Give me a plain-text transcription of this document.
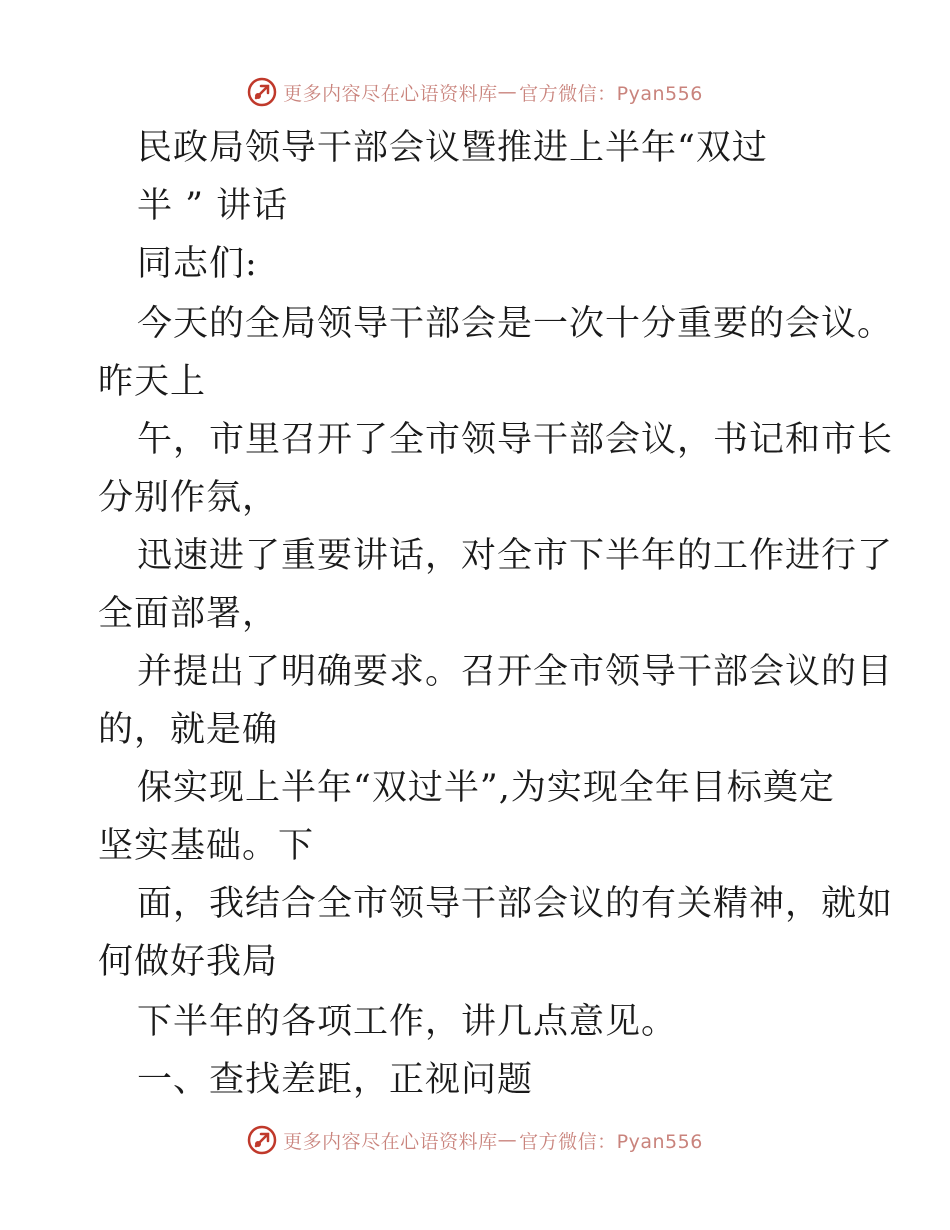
更多内容尽在心语资料库 — 官方微信：Pyan556
民政局领导干部会议暨推进上半年“双过
半 ” 讲话
同志们:
今天的全局领导干部会是一次十分重要的会议。
昨天上
午，市里召开了全市领导干部会议，书记和市长
分别作氛，
迅速进了重要讲话，对全市下半年的工作进行了
全面部署，
并提出了明确要求。召开全市领导干部会议的目
的，就是确
保实现上半年“双过半”,为实现全年目标奠定
坚实基础。下
面，我结合全市领导干部会议的有关精神，就如
何做好我局
下半年的各项工作，讲几点意见。
一、查找差距，正视问题
更多内容尽在心语资料库 — 官方微信：Pyan556
